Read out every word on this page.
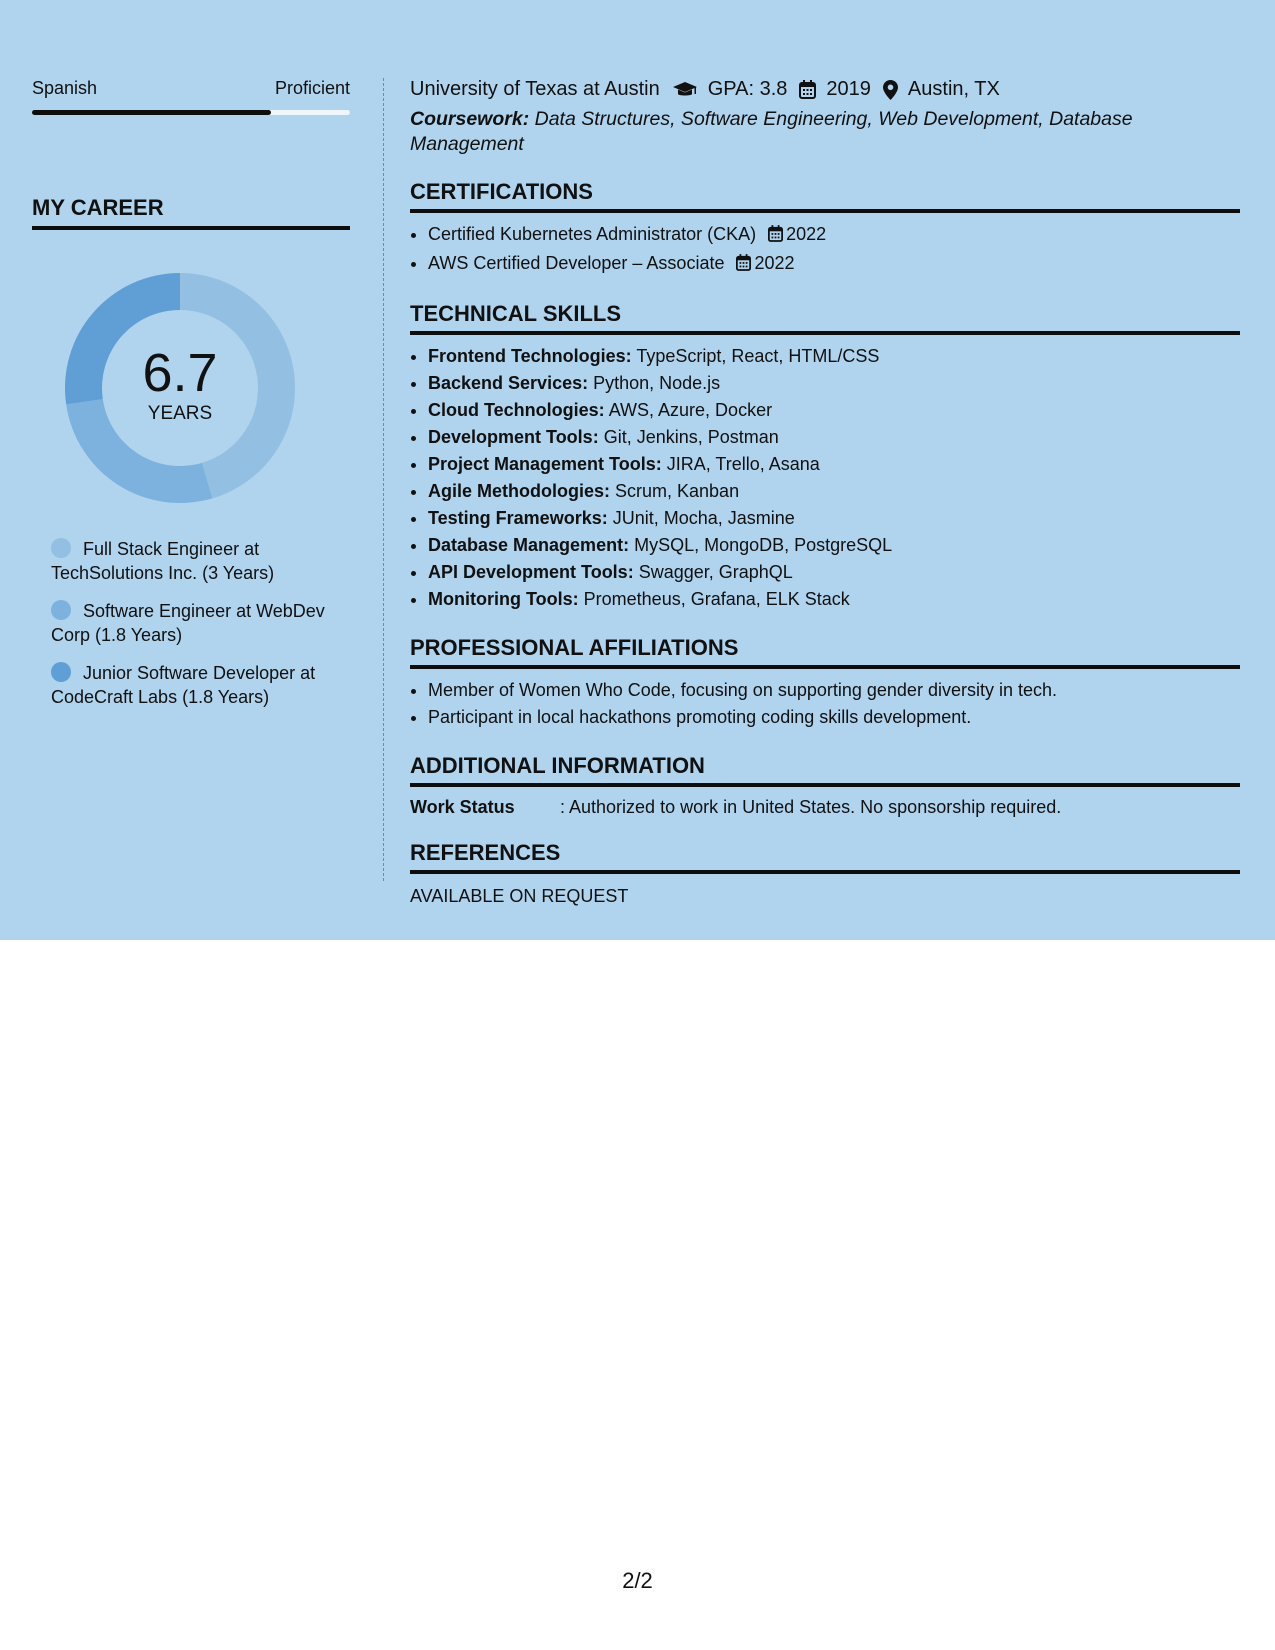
Spanish	Proficient
MY CAREER
6.7
YEARS
Full Stack Engineer at TechSolutions Inc. (3 Years)
Software Engineer at WebDev Corp (1.8 Years)
Junior Software Developer at CodeCraft Labs (1.8 Years)
University of Texas at Austin GPA: 3.8 2019 Austin, TX
Coursework: Data Structures, Software Engineering, Web Development, Database Management
CERTIFICATIONS
• Certified Kubernetes Administrator (CKA) 2022
• AWS Certified Developer – Associate 2022
TECHNICAL SKILLS
• Frontend Technologies: TypeScript, React, HTML/CSS
• Backend Services: Python, Node.js
• Cloud Technologies: AWS, Azure, Docker
• Development Tools: Git, Jenkins, Postman
• Project Management Tools: JIRA, Trello, Asana
• Agile Methodologies: Scrum, Kanban
• Testing Frameworks: JUnit, Mocha, Jasmine
• Database Management: MySQL, MongoDB, PostgreSQL
• API Development Tools: Swagger, GraphQL
• Monitoring Tools: Prometheus, Grafana, ELK Stack
PROFESSIONAL AFFILIATIONS
• Member of Women Who Code, focusing on supporting gender diversity in tech.
• Participant in local hackathons promoting coding skills development.
ADDITIONAL INFORMATION
Work Status	: Authorized to work in United States. No sponsorship required.
REFERENCES
AVAILABLE ON REQUEST
2/2
